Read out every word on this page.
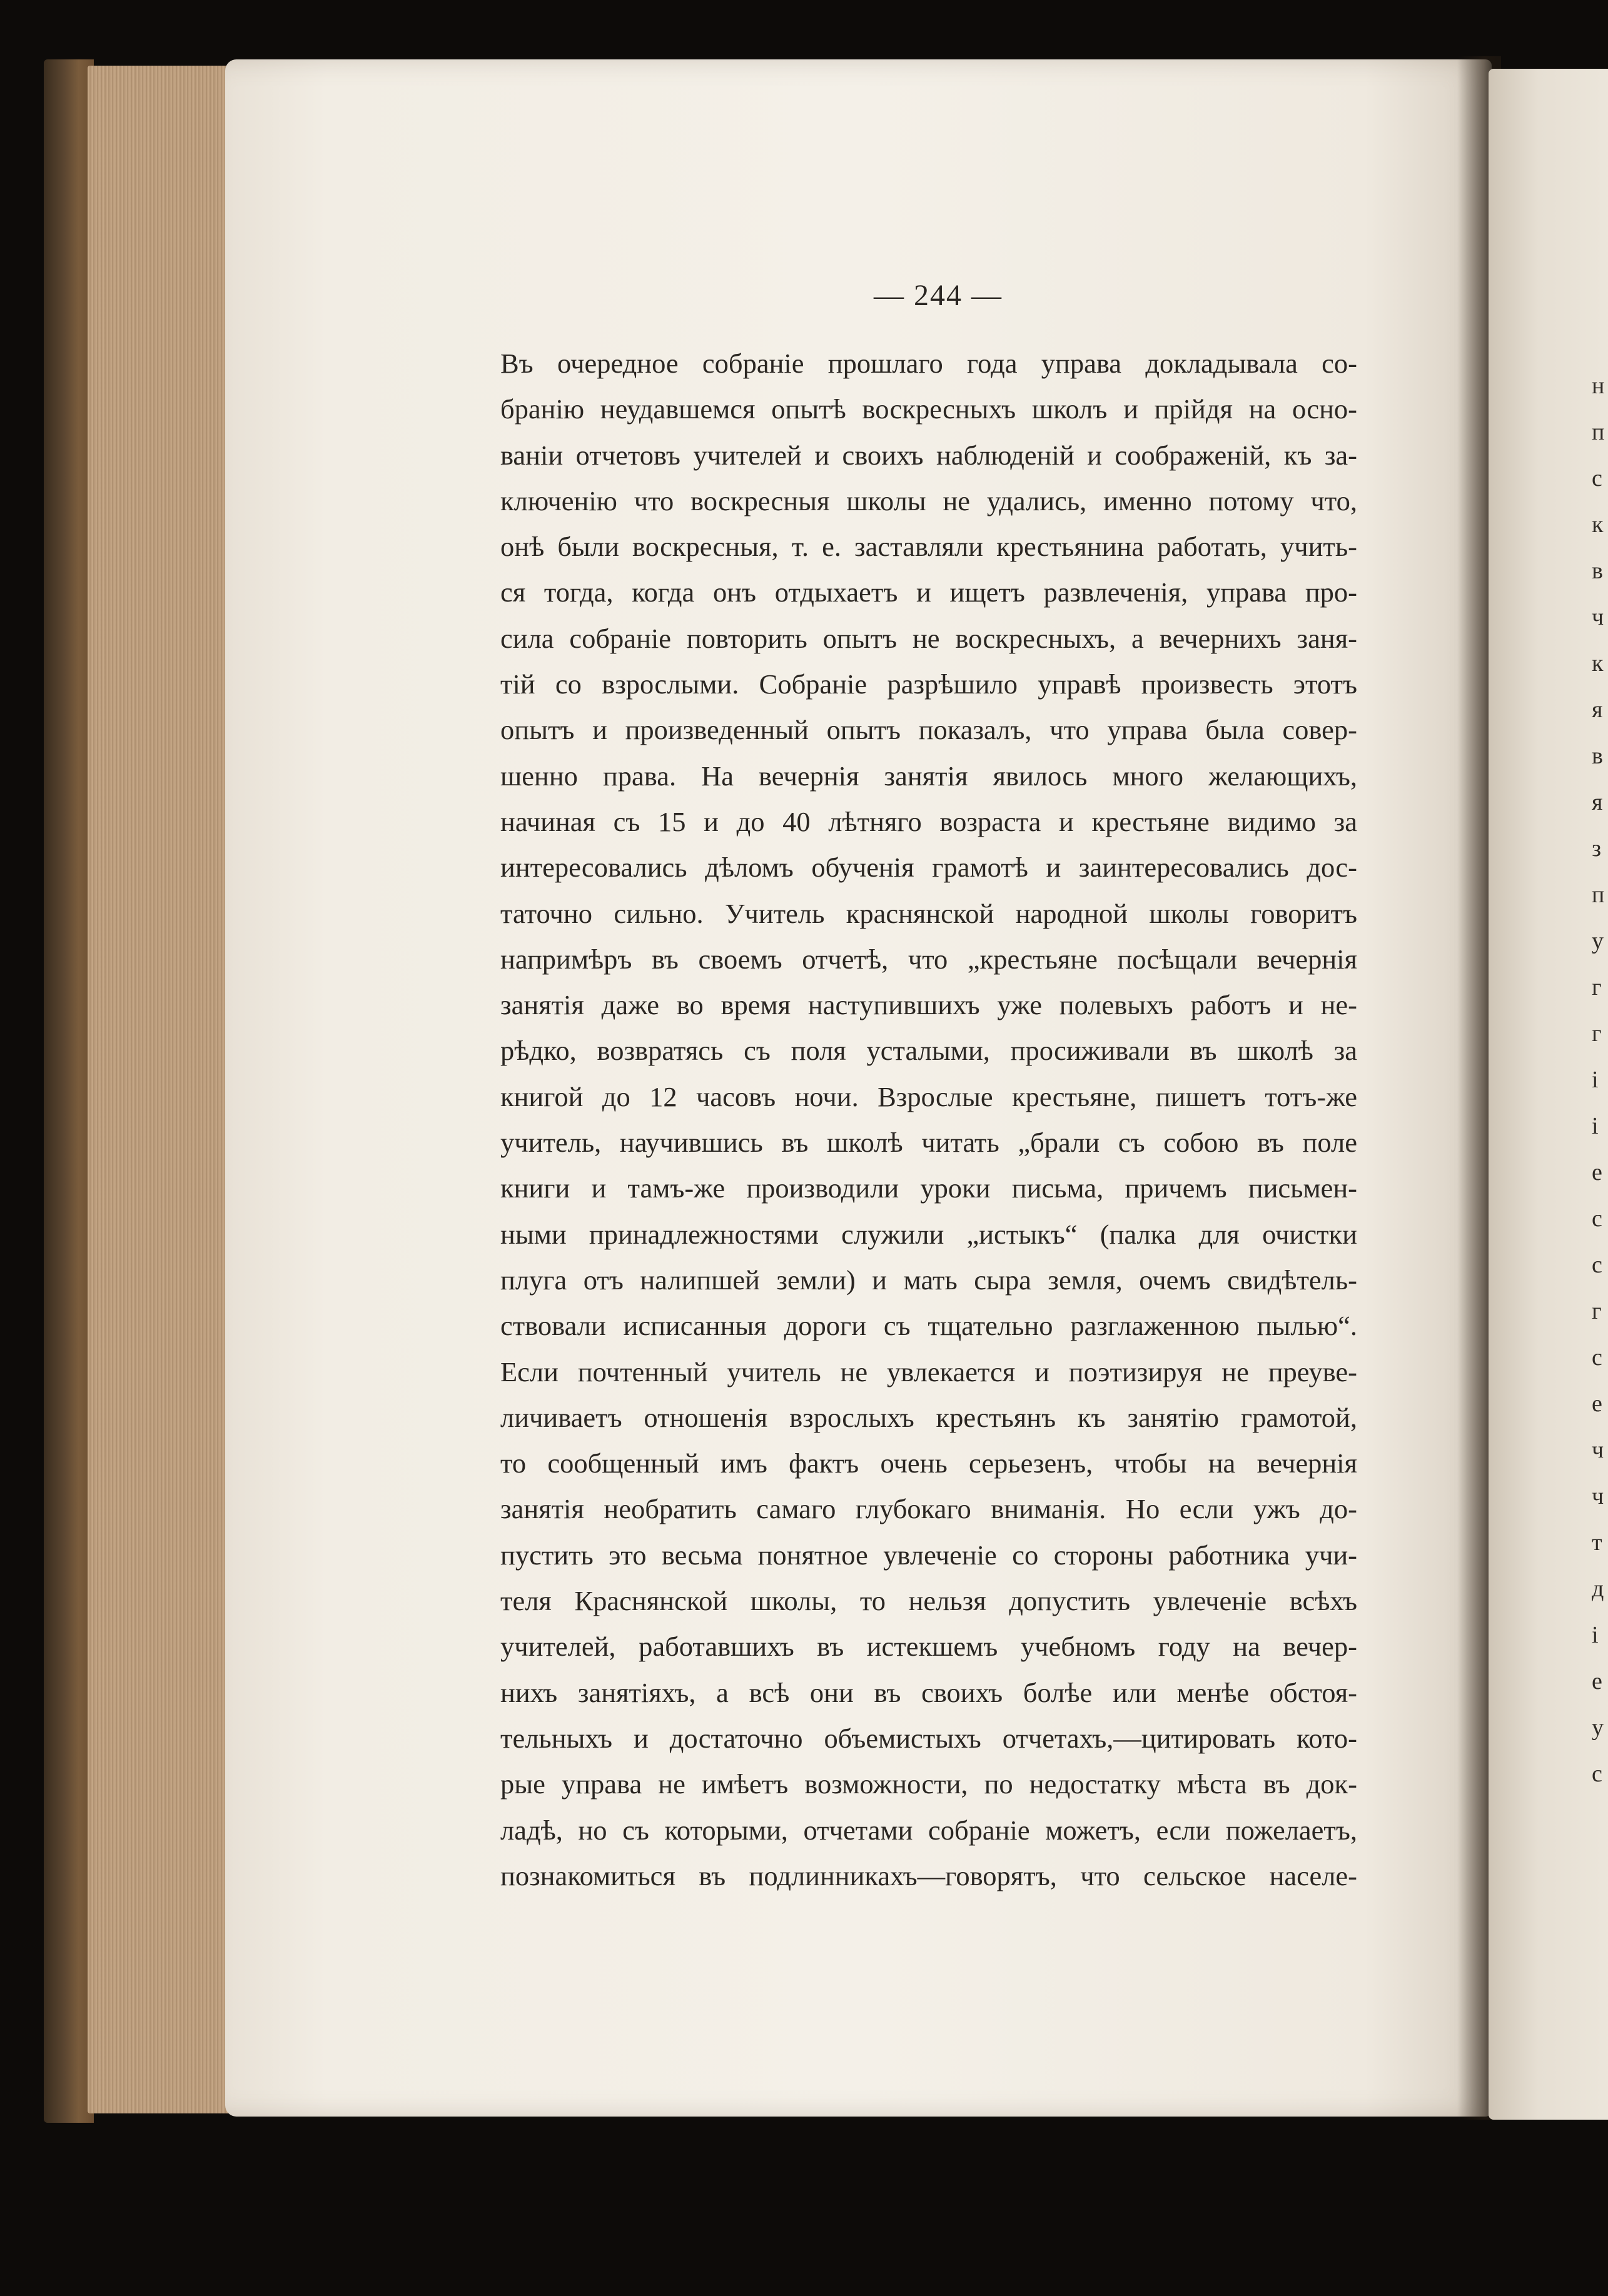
— 244 —
Въ очередное собраніе прошлаго года управа докладывала со-
бранію неудавшемся опытѣ воскресныхъ школъ и прійдя на осно-
ваніи отчетовъ учителей и своихъ наблюденій и соображеній, къ за-
ключенію что воскресныя школы не удались, именно потому что,
онѣ были воскресныя, т. е. заставляли крестьянина работать, учить-
ся тогда, когда онъ отдыхаетъ и ищетъ развлеченія, управа про-
сила собраніе повторить опытъ не воскресныхъ, а вечернихъ заня-
тій со взрослыми. Собраніе разрѣшило управѣ произвесть этотъ
опытъ и произведенный опытъ показалъ, что управа была совер-
шенно права. На вечернія занятія явилось много желающихъ,
начиная съ 15 и до 40 лѣтняго возраста и крестьяне видимо за
интересовались дѣломъ обученія грамотѣ и заинтересовались дос-
таточно сильно. Учитель краснянской народной школы говоритъ
напримѣръ въ своемъ отчетѣ, что „крестьяне посѣщали вечернія
занятія даже во время наступившихъ уже полевыхъ работъ и не-
рѣдко, возвратясь съ поля усталыми, просиживали въ школѣ за
книгой до 12 часовъ ночи. Взрослые крестьяне, пишетъ тотъ-же
учитель, научившись въ школѣ читать „брали съ собою въ поле
книги и тамъ-же производили уроки письма, причемъ письмен-
ными принадлежностями служили „истыкъ“ (палка для очистки
плуга отъ налипшей земли) и мать сыра земля, очемъ свидѣтель-
ствовали исписанныя дороги съ тщательно разглаженною пылью“.
Если почтенный учитель не увлекается и поэтизируя не преуве-
личиваетъ отношенія взрослыхъ крестьянъ къ занятію грамотой,
то сообщенный имъ фактъ очень серьезенъ, чтобы на вечернія
занятія необратить самаго глубокаго вниманія. Но если ужъ до-
пустить это весьма понятное увлеченіе со стороны работника учи-
теля Краснянской школы, то нельзя допустить увлеченіе всѣхъ
учителей, работавшихъ въ истекшемъ учебномъ году на вечер-
нихъ занятіяхъ, а всѣ они въ своихъ болѣе или менѣе обстоя-
тельныхъ и достаточно объемистыхъ отчетахъ,—цитировать кото-
рые управа не имѣетъ возможности, по недостатку мѣста въ док-
ладѣ, но съ которыми, отчетами собраніе можетъ, если пожелаетъ,
познакомиться въ подлинникахъ—говорятъ, что сельское населе-
н
п
с
к
в
ч
к
я
в
я
з
п
у
г
г
і
і
е
с
с
г
с
е
ч
ч
т
д
і
е
у
с
